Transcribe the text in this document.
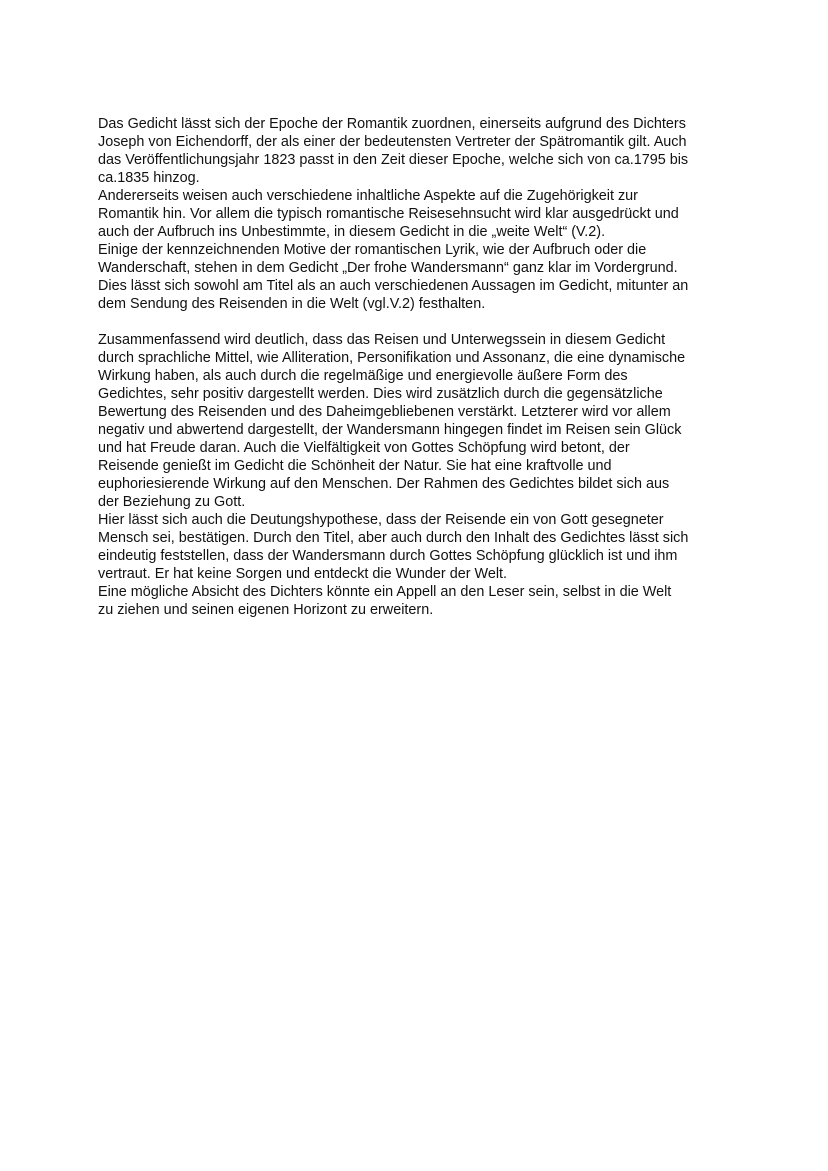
Das Gedicht lässt sich der Epoche der Romantik zuordnen, einerseits aufgrund des Dichters
Joseph von Eichendorff, der als einer der bedeutensten Vertreter der Spätromantik gilt. Auch
das Veröffentlichungsjahr 1823 passt in den Zeit dieser Epoche, welche sich von ca.1795 bis
ca.1835 hinzog.

Andererseits weisen auch verschiedene inhaltliche Aspekte auf die Zugehörigkeit zur
Romantik hin. Vor allem die typisch romantische Reisesehnsucht wird klar ausgedrückt und
auch der Aufbruch ins Unbestimmte, in diesem Gedicht in die „weite Welt“ (V.2).

Einige der kennzeichnenden Motive der romantischen Lyrik, wie der Aufbruch oder die
Wanderschaft, stehen in dem Gedicht „Der frohe Wandersmann“ ganz klar im Vordergrund.
Dies lässt sich sowohl am Titel als an auch verschiedenen Aussagen im Gedicht, mitunter an
dem Sendung des Reisenden in die Welt (vgl.V.2) festhalten.

Zusammenfassend wird deutlich, dass das Reisen und Unterwegssein in diesem Gedicht
durch sprachliche Mittel, wie Alliteration, Personifikation und Assonanz, die eine dynamische
Wirkung haben, als auch durch die regelmäßige und energievolle äußere Form des
Gedichtes, sehr positiv dargestellt werden. Dies wird zusätzlich durch die gegensätzliche
Bewertung des Reisenden und des Daheimgebliebenen verstärkt. Letzterer wird vor allem
negativ und abwertend dargestellt, der Wandersmann hingegen findet im Reisen sein Glück
und hat Freude daran. Auch die Vielfältigkeit von Gottes Schöpfung wird betont, der
Reisende genießt im Gedicht die Schönheit der Natur. Sie hat eine kraftvolle und
euphoriesierende Wirkung auf den Menschen. Der Rahmen des Gedichtes bildet sich aus
der Beziehung zu Gott.

Hier lässt sich auch die Deutungshypothese, dass der Reisende ein von Gott gesegneter
Mensch sei, bestätigen. Durch den Titel, aber auch durch den Inhalt des Gedichtes lässt sich
eindeutig feststellen, dass der Wandersmann durch Gottes Schöpfung glücklich ist und ihm
vertraut. Er hat keine Sorgen und entdeckt die Wunder der Welt.

Eine mögliche Absicht des Dichters könnte ein Appell an den Leser sein, selbst in die Welt
zu ziehen und seinen eigenen Horizont zu erweitern.
